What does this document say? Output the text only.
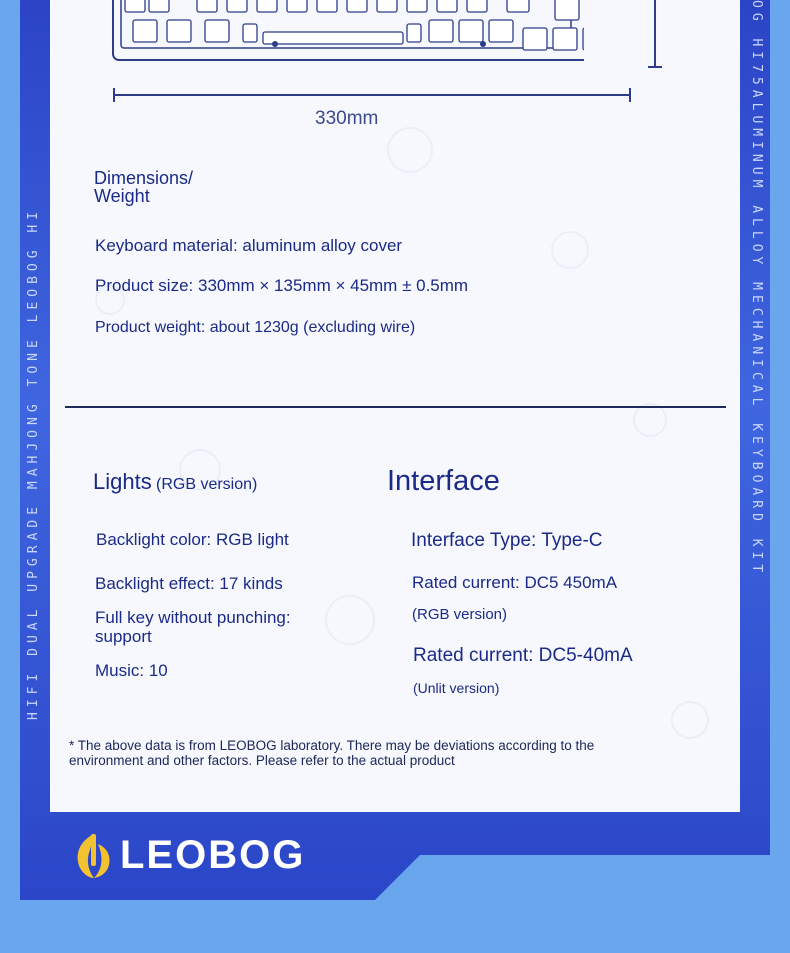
HIFI DUAL UPGRADE MAHJONG TONE LEOBOG HI	OG HI75ALUMINUM ALLOY MECHANICAL KEYBOARD KIT
330mm
Dimensions/
Weight
Keyboard material: aluminum alloy cover
Product size: 330mm × 135mm × 45mm ± 0.5mm
Product weight: about 1230g (excluding wire)
Lights (RGB version)
Backlight color: RGB light
Backlight effect: 17 kinds
Full key without punching:
support
Music: 10
Interface
Interface Type: Type-C
Rated current: DC5 450mA
(RGB version)
Rated current: DC5-40mA
(Unlit version)
* The above data is from LEOBOG laboratory. There may be deviations according to the
environment and other factors. Please refer to the actual product
LEOBOG
